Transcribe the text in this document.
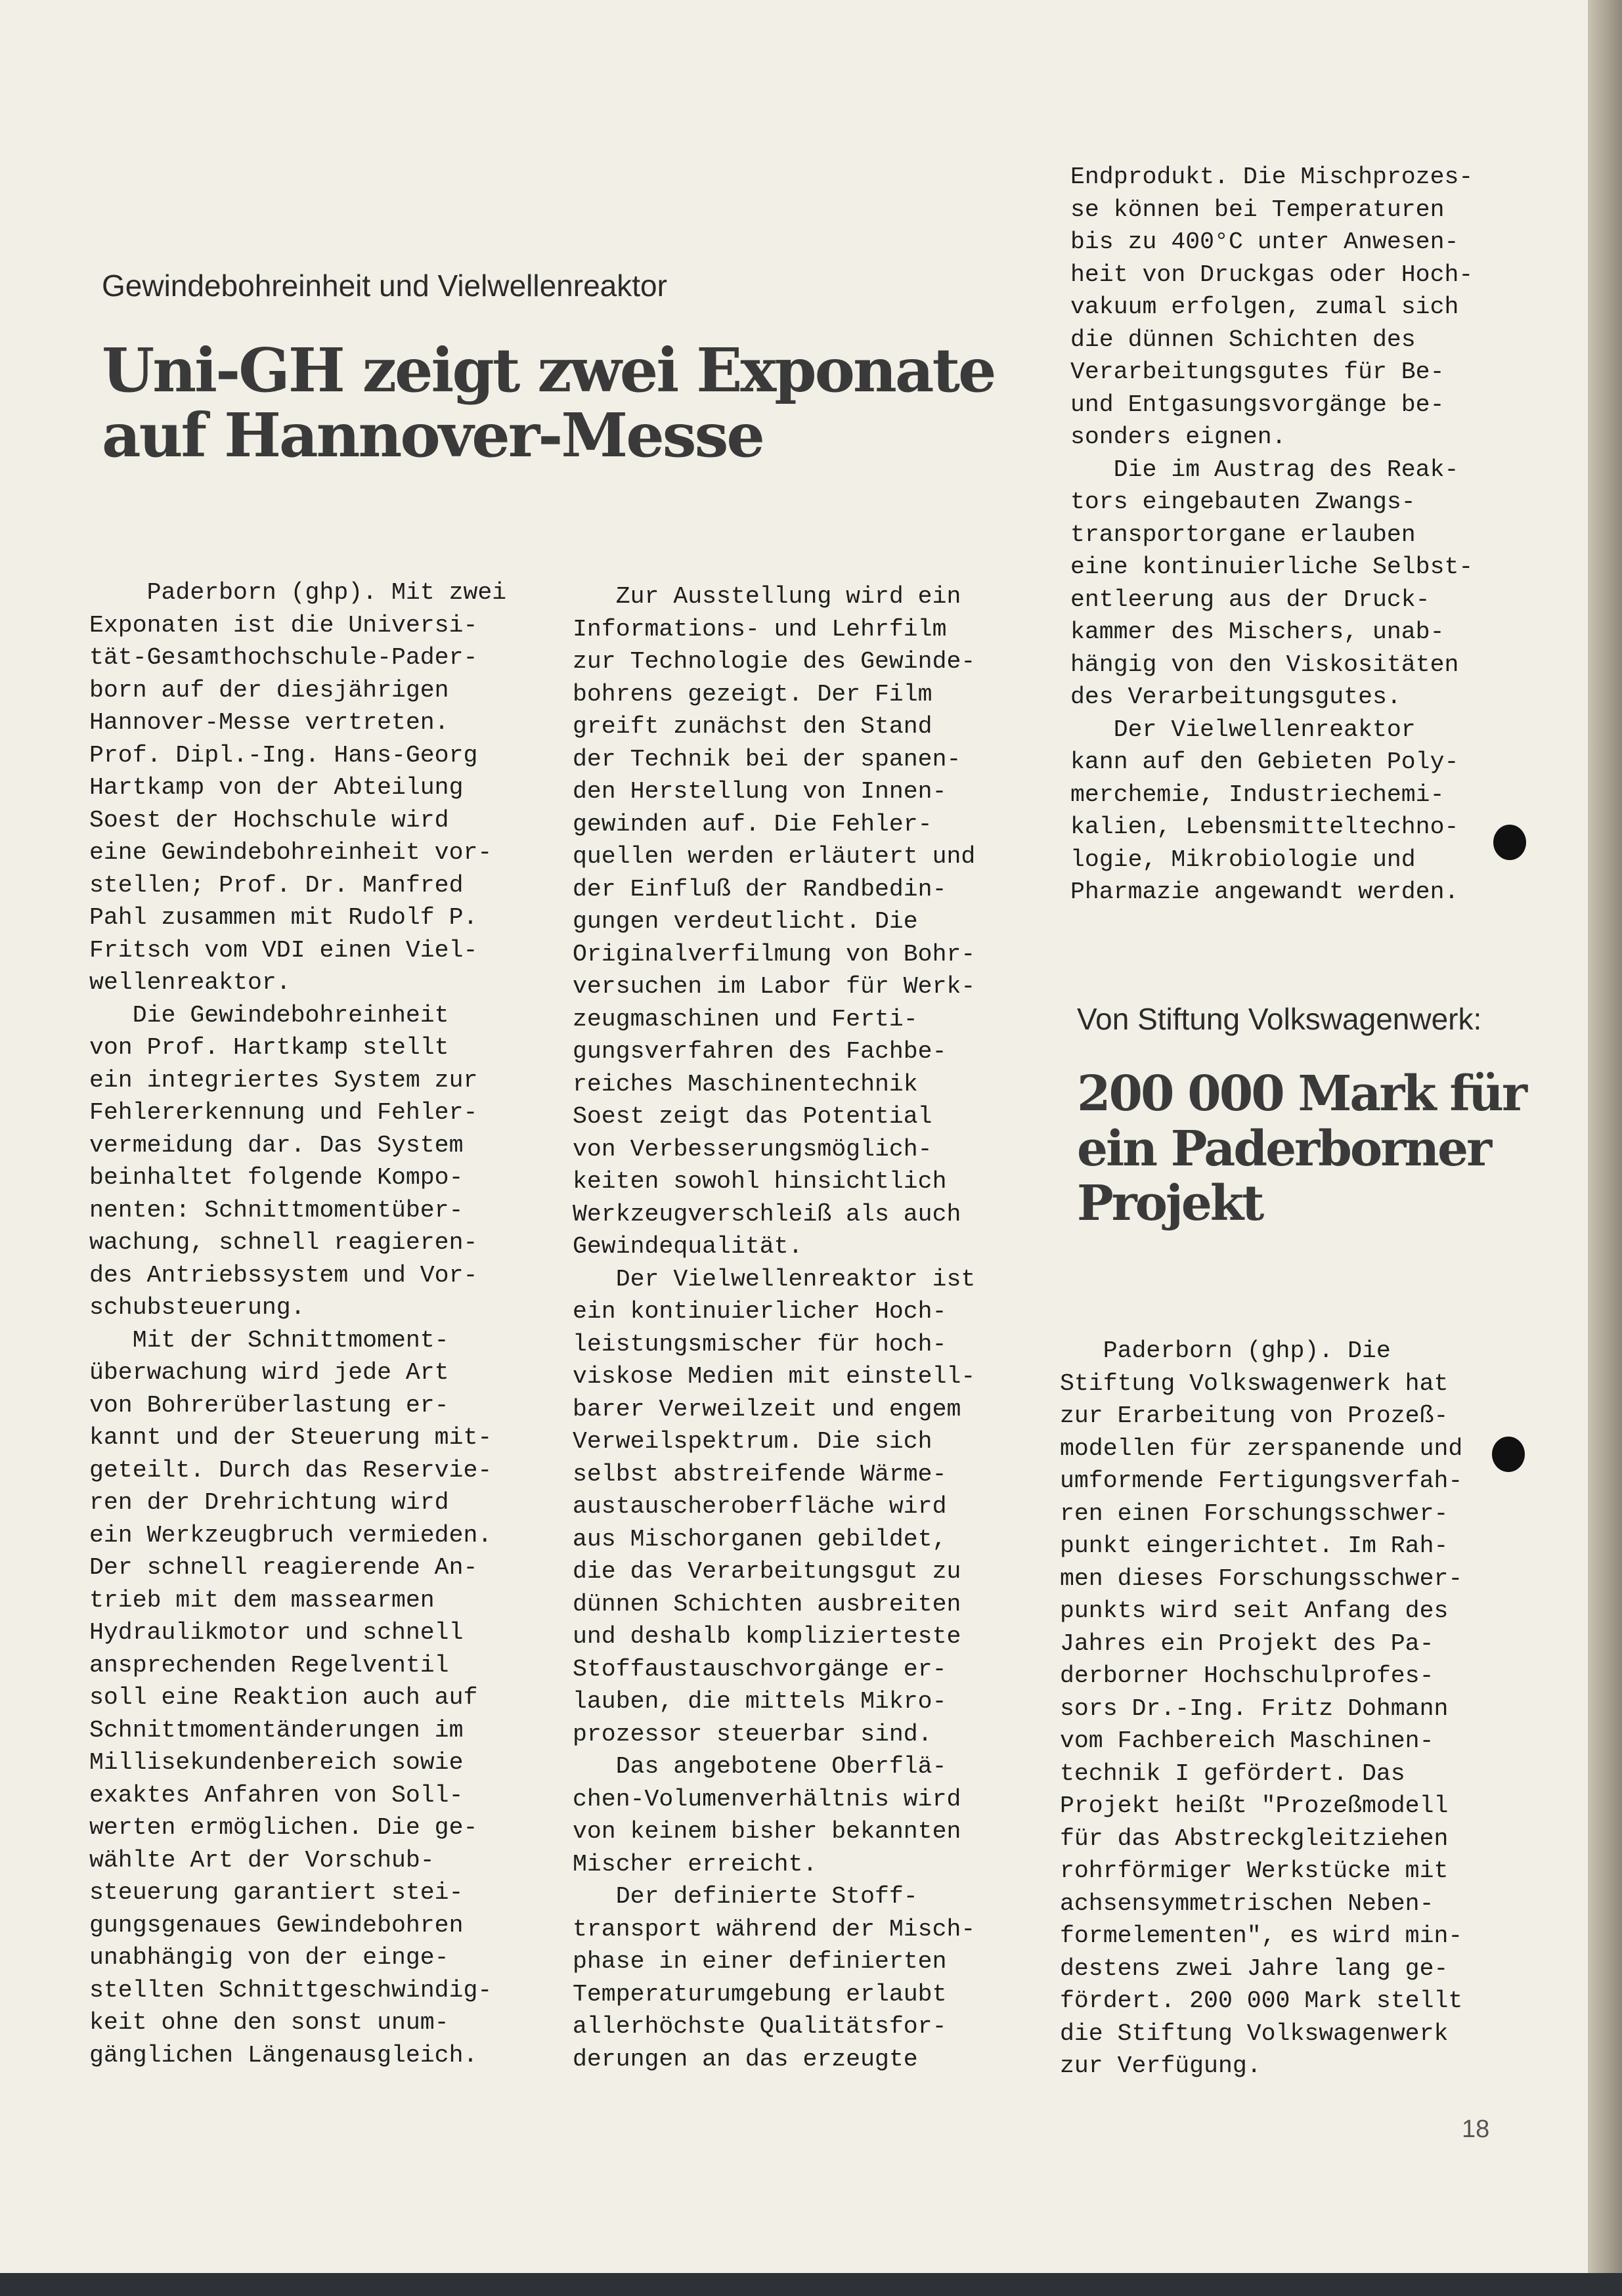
Gewindebohreinheit und Vielwellenreaktor
Uni-GH zeigt zwei Exponate
auf Hannover-Messe
Paderborn (ghp). Mit zwei
Exponaten ist die Universi-
tät-Gesamthochschule-Pader-
born auf der diesjährigen
Hannover-Messe vertreten.
Prof. Dipl.-Ing. Hans-Georg
Hartkamp von der Abteilung
Soest der Hochschule wird
eine Gewindebohreinheit vor-
stellen; Prof. Dr. Manfred
Pahl zusammen mit Rudolf P.
Fritsch vom VDI einen Viel-
wellenreaktor.
Die Gewindebohreinheit
von Prof. Hartkamp stellt
ein integriertes System zur
Fehlererkennung und Fehler-
vermeidung dar. Das System
beinhaltet folgende Kompo-
nenten: Schnittmomentüber-
wachung, schnell reagieren-
des Antriebssystem und Vor-
schubsteuerung.
Mit der Schnittmoment-
überwachung wird jede Art
von Bohrerüberlastung er-
kannt und der Steuerung mit-
geteilt. Durch das Reservie-
ren der Drehrichtung wird
ein Werkzeugbruch vermieden.
Der schnell reagierende An-
trieb mit dem massearmen
Hydraulikmotor und schnell
ansprechenden Regelventil
soll eine Reaktion auch auf
Schnittmomentänderungen im
Millisekundenbereich sowie
exaktes Anfahren von Soll-
werten ermöglichen. Die ge-
wählte Art der Vorschub-
steuerung garantiert stei-
gungsgenaues Gewindebohren
unabhängig von der einge-
stellten Schnittgeschwindig-
keit ohne den sonst unum-
gänglichen Längenausgleich.
Zur Ausstellung wird ein
Informations- und Lehrfilm
zur Technologie des Gewinde-
bohrens gezeigt. Der Film
greift zunächst den Stand
der Technik bei der spanen-
den Herstellung von Innen-
gewinden auf. Die Fehler-
quellen werden erläutert und
der Einfluß der Randbedin-
gungen verdeutlicht. Die
Originalverfilmung von Bohr-
versuchen im Labor für Werk-
zeugmaschinen und Ferti-
gungsverfahren des Fachbe-
reiches Maschinentechnik
Soest zeigt das Potential
von Verbesserungsmöglich-
keiten sowohl hinsichtlich
Werkzeugverschleiß als auch
Gewindequalität.
Der Vielwellenreaktor ist
ein kontinuierlicher Hoch-
leistungsmischer für hoch-
viskose Medien mit einstell-
barer Verweilzeit und engem
Verweilspektrum. Die sich
selbst abstreifende Wärme-
austauscheroberfläche wird
aus Mischorganen gebildet,
die das Verarbeitungsgut zu
dünnen Schichten ausbreiten
und deshalb kompliziertestе
Stoffaustauschvorgänge er-
lauben, die mittels Mikro-
prozessor steuerbar sind.
Das angebotene Oberflä-
chen-Volumenverhältnis wird
von keinem bisher bekannten
Mischer erreicht.
Der definierte Stoff-
transport während der Misch-
phase in einer definierten
Temperaturumgebung erlaubt
allerhöchste Qualitätsfor-
derungen an das erzeugte
Endprodukt. Die Mischprozes-
se können bei Temperaturen
bis zu 400°C unter Anwesen-
heit von Druckgas oder Hoch-
vakuum erfolgen, zumal sich
die dünnen Schichten des
Verarbeitungsgutes für Be-
und Entgasungsvorgänge be-
sonders eignen.
Die im Austrag des Reak-
tors eingebauten Zwangs-
transportorgane erlauben
eine kontinuierliche Selbst-
entleerung aus der Druck-
kammer des Mischers, unab-
hängig von den Viskositäten
des Verarbeitungsgutes.
Der Vielwellenreaktor
kann auf den Gebieten Poly-
merchemie, Industriechemi-
kalien, Lebensmitteltechno-
logie, Mikrobiologie und
Pharmazie angewandt werden.
Von Stiftung Volkswagenwerk:
200 000 Mark für
ein Paderborner
Projekt
Paderborn (ghp). Die
Stiftung Volkswagenwerk hat
zur Erarbeitung von Prozeß-
modellen für zerspanende und
umformende Fertigungsverfah-
ren einen Forschungsschwer-
punkt eingerichtet. Im Rah-
men dieses Forschungsschwer-
punkts wird seit Anfang des
Jahres ein Projekt des Pa-
derborner Hochschulprofes-
sors Dr.-Ing. Fritz Dohmann
vom Fachbereich Maschinen-
technik I gefördert. Das
Projekt heißt "Prozeßmodell
für das Abstreckgleitziehen
rohrförmiger Werkstücke mit
achsensymmetrischen Neben-
formelementen", es wird min-
destens zwei Jahre lang ge-
fördert. 200 000 Mark stellt
die Stiftung Volkswagenwerk
zur Verfügung.
18
